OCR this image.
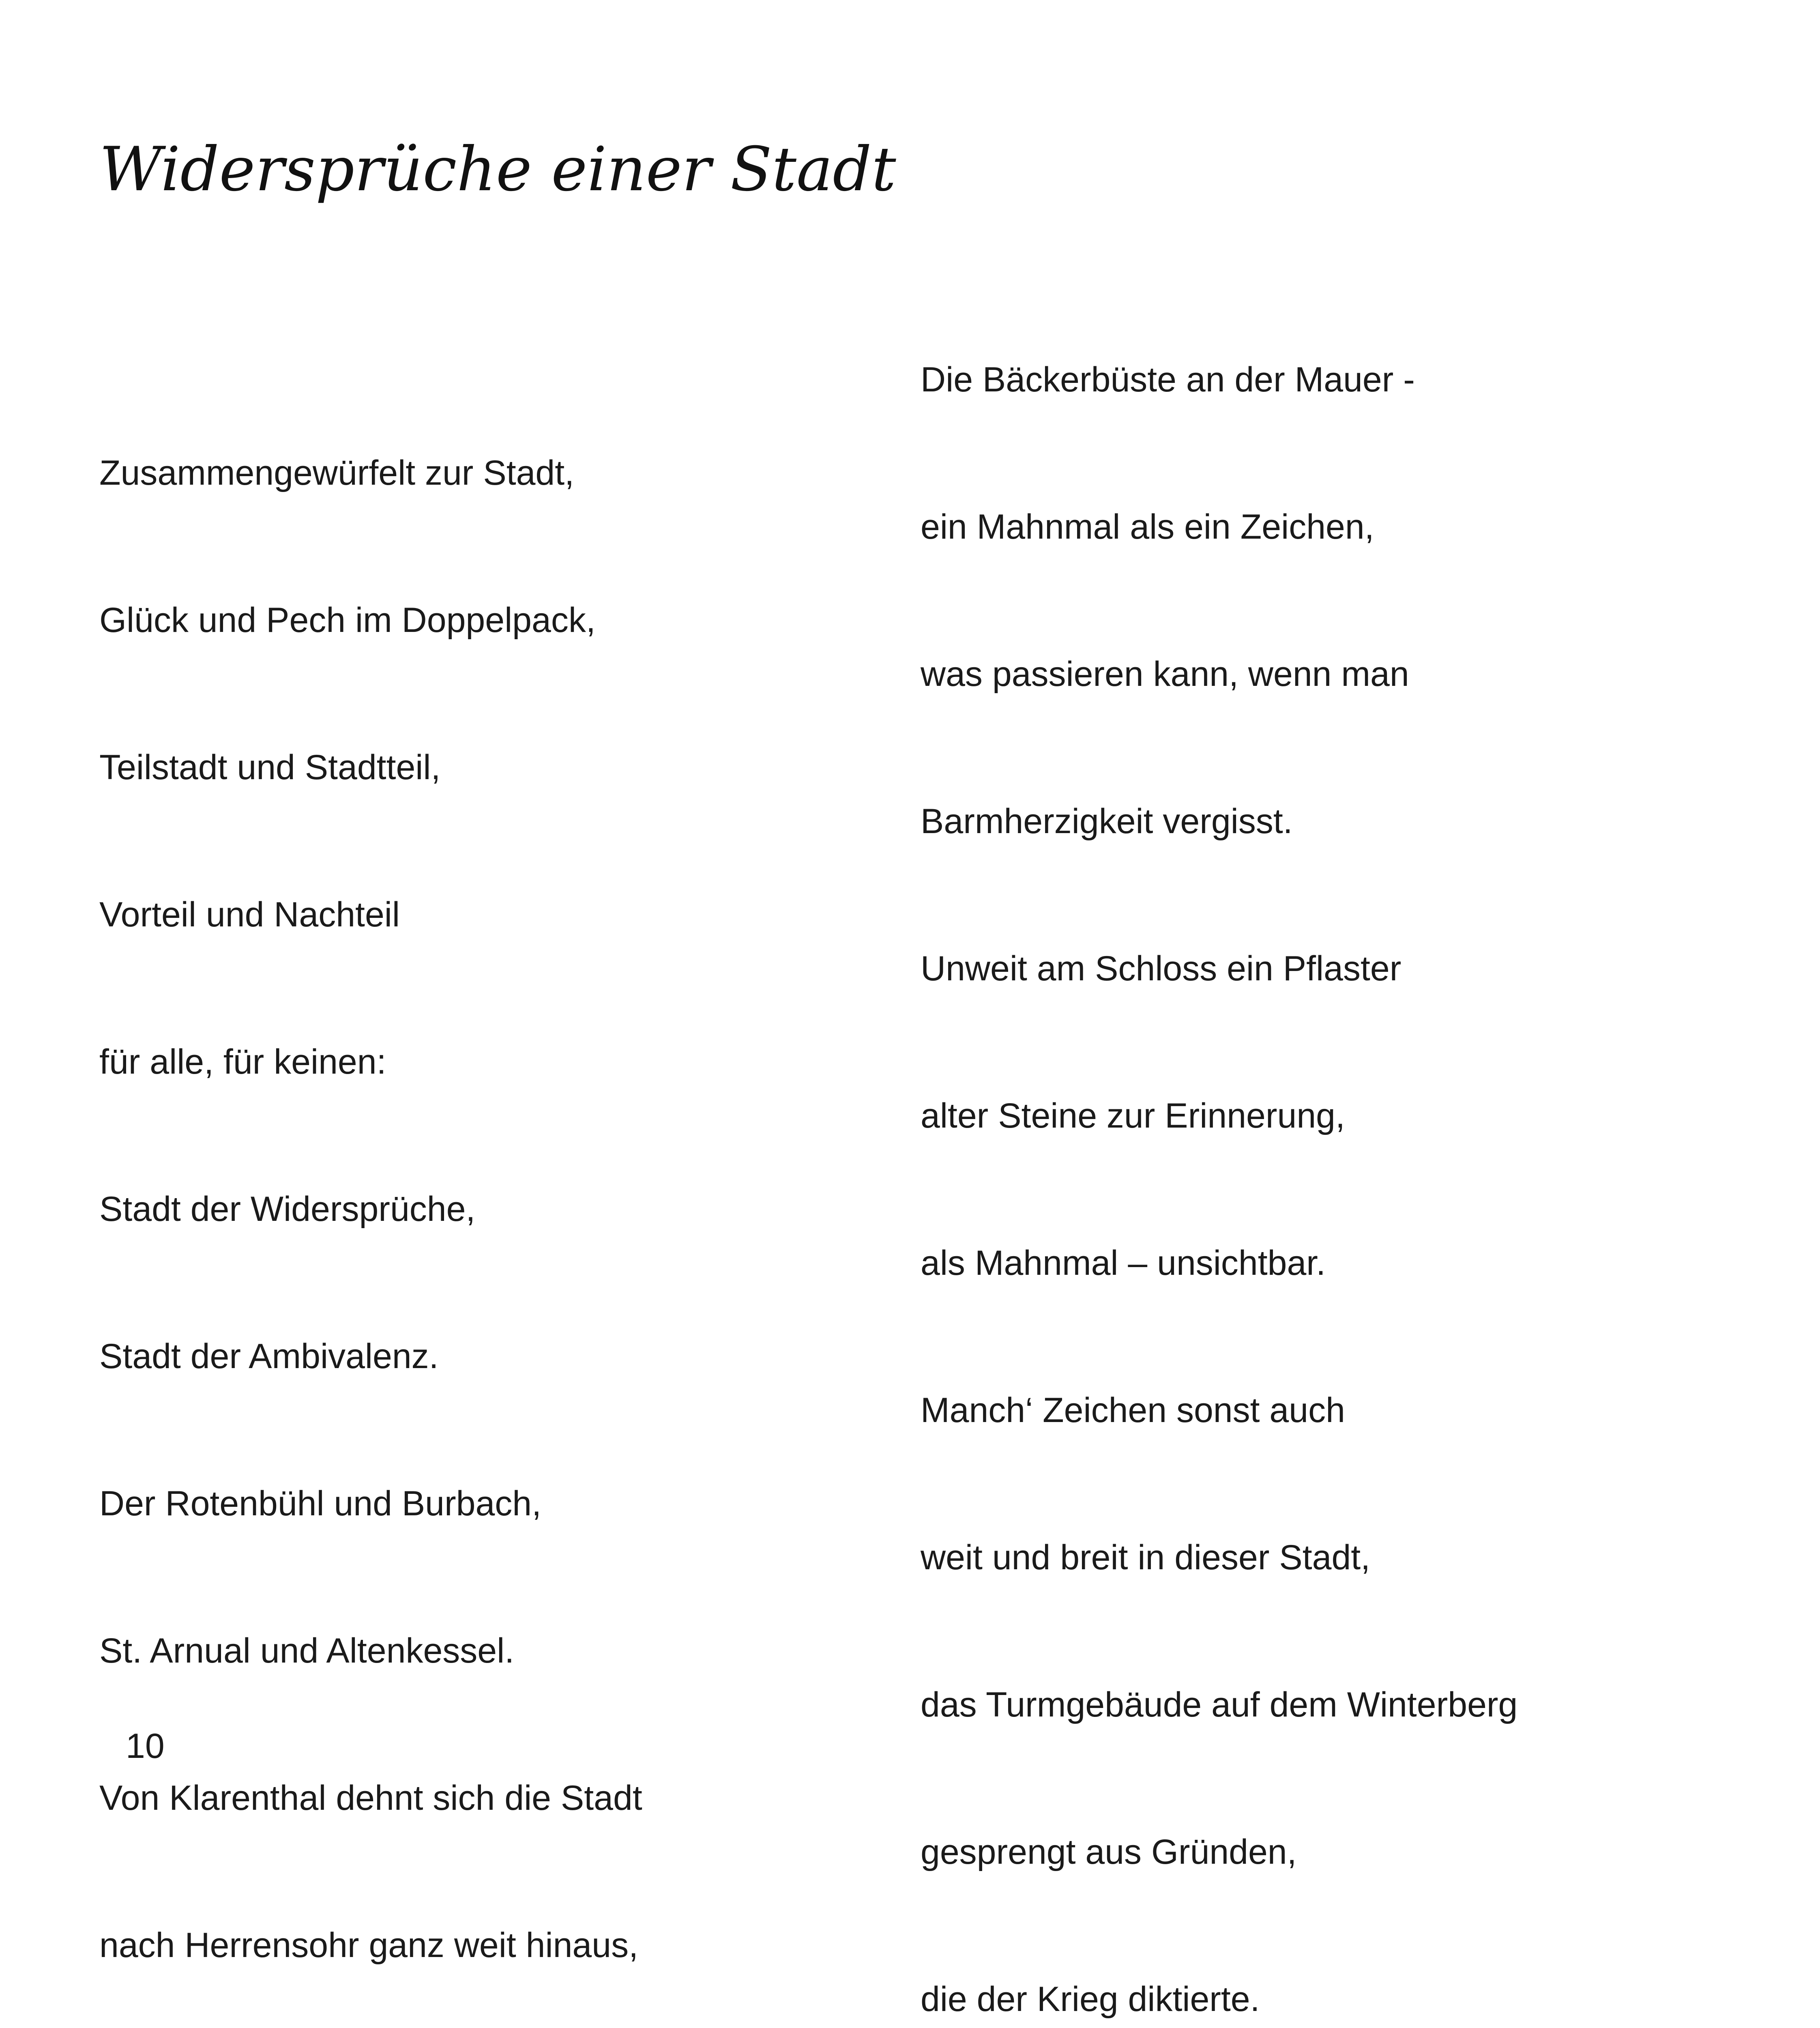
Widersprüche einer Stadt

Zusammengewürfelt zur Stadt,

Glück und Pech im Doppelpack,

Teilstadt und Stadtteil,

Vorteil und Nachteil

für alle, für keinen:

Stadt der Widersprüche,

Stadt der Ambivalenz.

Der Rotenbühl und Burbach,

St. Arnual und Altenkessel.

Von Klarenthal dehnt sich die Stadt

nach Herrensohr ganz weit hinaus,

Die Bäckerbüste an der Mauer -

ein Mahnmal als ein Zeichen,

was passieren kann, wenn man

Barmherzigkeit vergisst.

Unweit am Schloss ein Pflaster

alter Steine zur Erinnerung,

als Mahnmal – unsichtbar.

Manch‘ Zeichen sonst auch

weit und breit in dieser Stadt,

das Turmgebäude auf dem Winterberg

gesprengt aus Gründen,

die der Krieg diktierte.

10
